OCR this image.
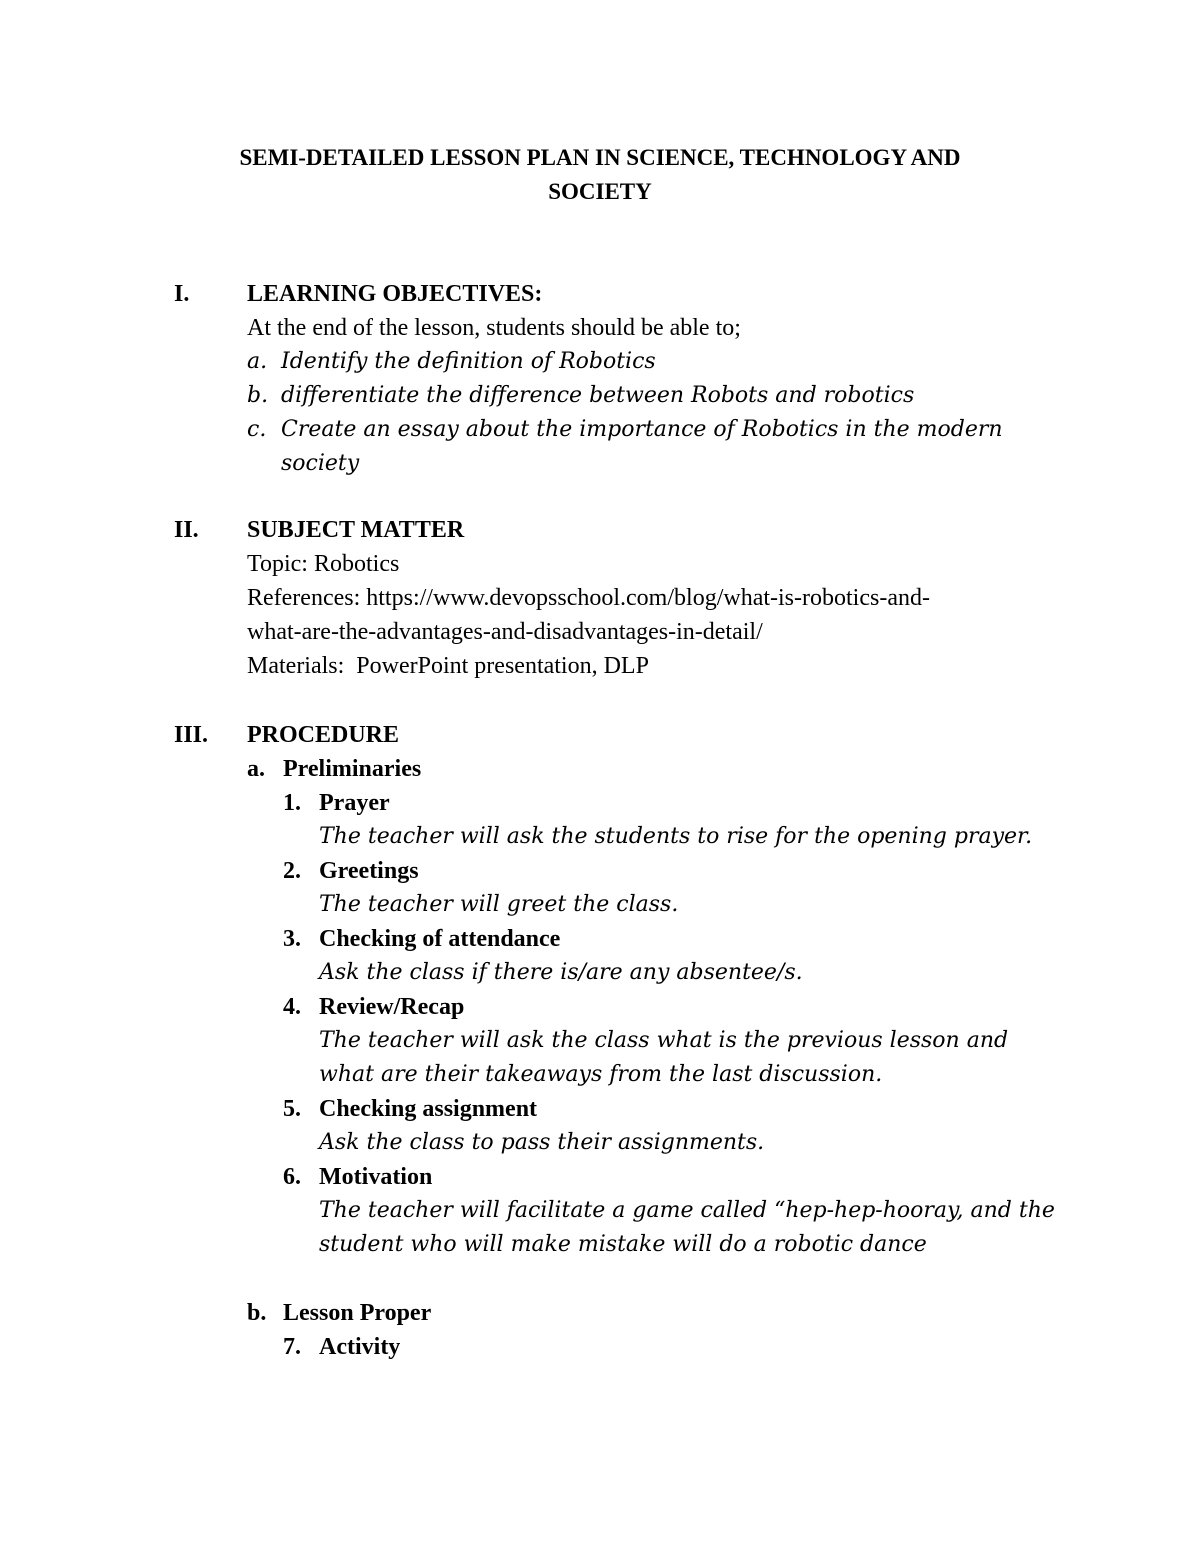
SEMI-DETAILED LESSON PLAN IN SCIENCE, TECHNOLOGY AND
SOCIETY
I. LEARNING OBJECTIVES:
At the end of the lesson, students should be able to;
a. Identify the definition of Robotics
b. differentiate the difference between Robots and robotics
c. Create an essay about the importance of Robotics in the modern society
II. SUBJECT MATTER
Topic: Robotics
References: https://www.devopsschool.com/blog/what-is-robotics-and-
what-are-the-advantages-and-disadvantages-in-detail/
Materials:  PowerPoint presentation, DLP
III. PROCEDURE
a. Preliminaries
1. Prayer
The teacher will ask the students to rise for the opening prayer.
2. Greetings
The teacher will greet the class.
3. Checking of attendance
Ask the class if there is/are any absentee/s.
4. Review/Recap
The teacher will ask the class what is the previous lesson and what are their takeaways from the last discussion.
5. Checking assignment
Ask the class to pass their assignments.
6. Motivation
The teacher will facilitate a game called “hep-hep-hooray, and the student who will make mistake will do a robotic dance
b. Lesson Proper
7. Activity
